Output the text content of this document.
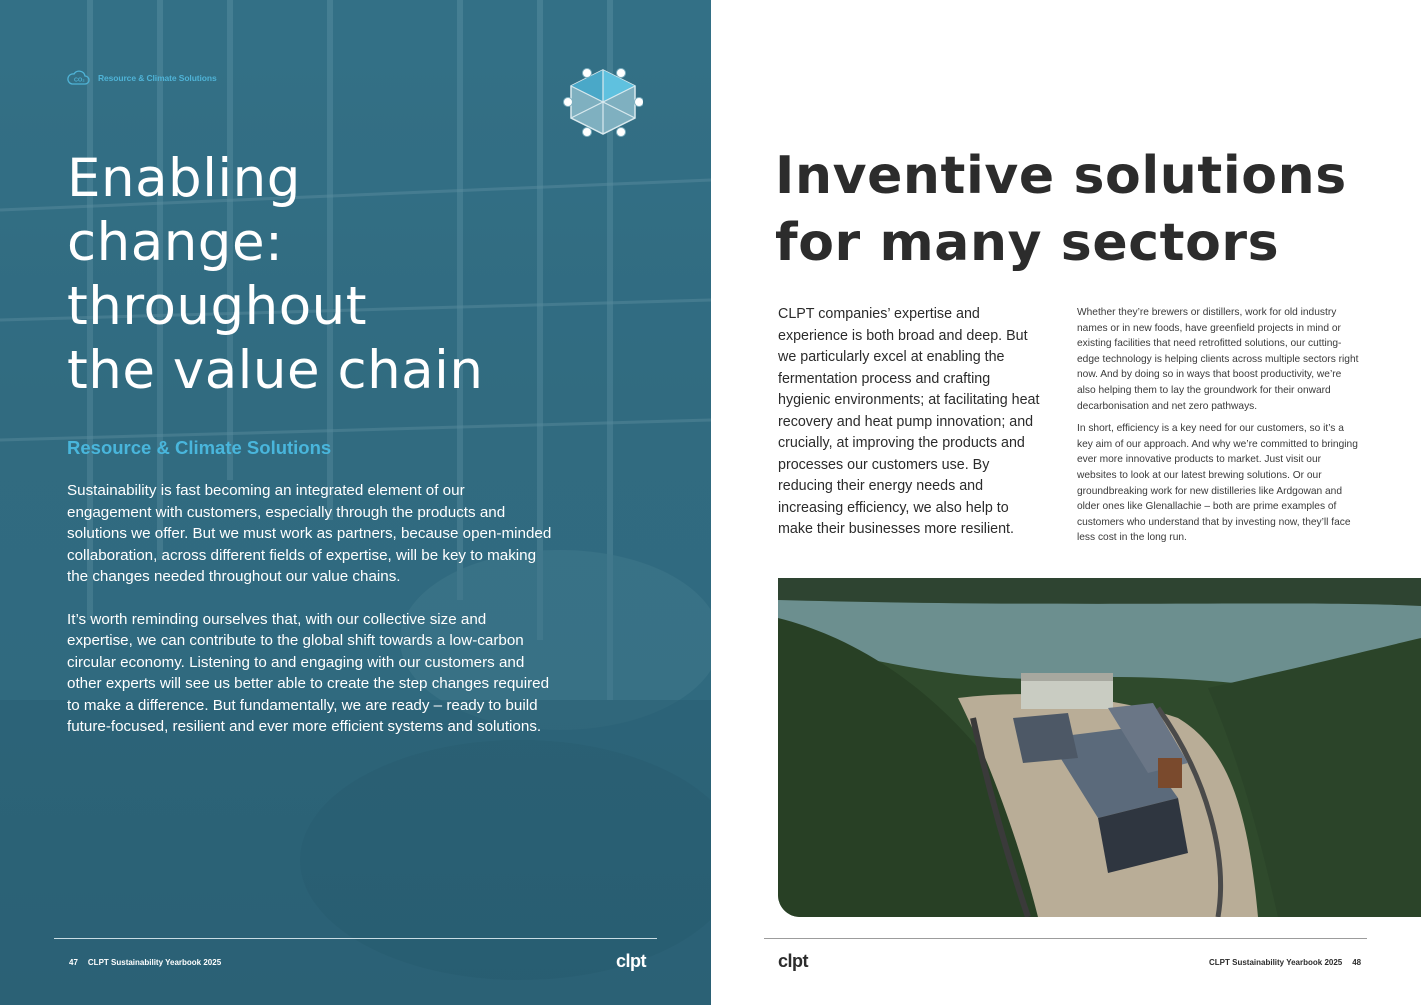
CO₂ Resource & Climate Solutions
Enabling
change:
throughout
the value chain
Resource & Climate Solutions

Sustainability is fast becoming an integrated element of our engagement with customers, especially through the products and solutions we offer. But we must work as partners, because open-minded collaboration, across different fields of expertise, will be key to making the changes needed throughout our value chains.

It’s worth reminding ourselves that, with our collective size and expertise, we can contribute to the global shift towards a low-carbon circular economy. Listening to and engaging with our customers and other experts will see us better able to create the step changes required to make a difference. But fundamentally, we are ready – ready to build future-focused, resilient and ever more efficient systems and solutions.

47 CLPT Sustainability Yearbook 2025	clpt
Inventive solutions
for many sectors

CLPT companies’ expertise and experience is both broad and deep. But we particularly excel at enabling the fermentation process and crafting hygienic environments; at facilitating heat recovery and heat pump innovation; and crucially, at improving the products and processes our customers use. By reducing their energy needs and increasing efficiency, we also help to make their businesses more resilient.

Whether they’re brewers or distillers, work for old industry names or in new foods, have greenfield projects in mind or existing facilities that need retrofitted solutions, our cutting-edge technology is helping clients across multiple sectors right now. And by doing so in ways that boost productivity, we’re also helping them to lay the groundwork for their onward decarbonisation and net zero pathways.

In short, efficiency is a key need for our customers, so it’s a key aim of our approach. And why we’re committed to bringing ever more innovative products to market. Just visit our websites to look at our latest brewing solutions. Or our groundbreaking work for new distilleries like Ardgowan and older ones like Glenallachie – both are prime examples of customers who understand that by investing now, they’ll face less cost in the long run.

clpt	CLPT Sustainability Yearbook 2025 48
